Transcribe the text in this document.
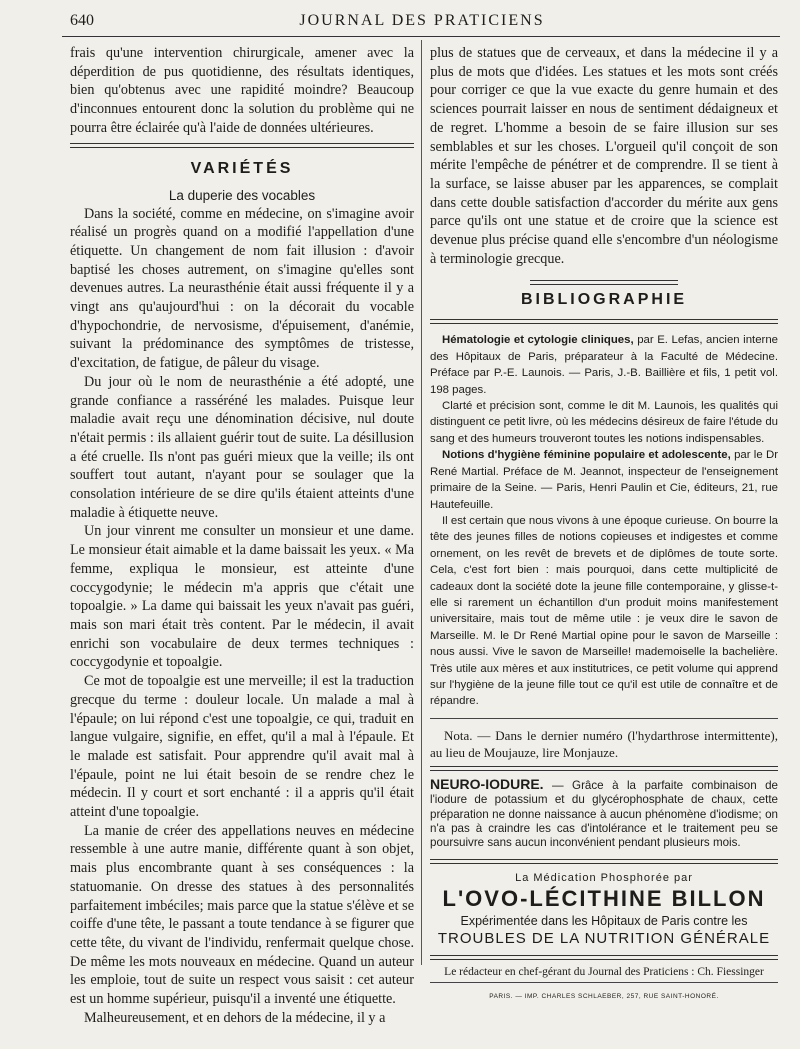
640	JOURNAL DES PRATICIENS

frais qu'une intervention chirurgicale, amener avec la déperdition de pus quotidienne, des résultats identiques, bien qu'obtenus avec une rapidité moindre? Beaucoup d'inconnues entourent donc la solution du problème qui ne pourra être éclairée qu'à l'aide de données ultérieures.

VARIÉTÉS
La duperie des vocables

Dans la société, comme en médecine, on s'imagine avoir réalisé un progrès quand on a modifié l'appellation d'une étiquette. Un changement de nom fait illusion : d'avoir baptisé les choses autrement, on s'imagine qu'elles sont devenues autres. La neurasthénie était aussi fréquente il y a vingt ans qu'aujourd'hui : on la décorait du vocable d'hypochondrie, de nervosisme, d'épuisement, d'anémie, suivant la prédominance des symptômes de tristesse, d'excitation, de fatigue, de pâleur du visage.

Du jour où le nom de neurasthénie a été adopté, une grande confiance a rasséréné les malades. Puisque leur maladie avait reçu une dénomination décisive, nul doute n'était permis : ils allaient guérir tout de suite. La désillusion a été cruelle. Ils n'ont pas guéri mieux que la veille; ils ont souffert tout autant, n'ayant pour se soulager que la consolation intérieure de se dire qu'ils étaient atteints d'une maladie à étiquette neuve.

Un jour vinrent me consulter un monsieur et une dame. Le monsieur était aimable et la dame baissait les yeux. « Ma femme, expliqua le monsieur, est atteinte d'une coccygodynie; le médecin m'a appris que c'était une topoalgie. » La dame qui baissait les yeux n'avait pas guéri, mais son mari était très content. Par le médecin, il avait enrichi son vocabulaire de deux termes techniques : coccygodynie et topoalgie.

Ce mot de topoalgie est une merveille; il est la traduction grecque du terme : douleur locale. Un malade a mal à l'épaule; on lui répond c'est une topoalgie, ce qui, traduit en langue vulgaire, signifie, en effet, qu'il a mal à l'épaule. Et le malade est satisfait. Pour apprendre qu'il avait mal à l'épaule, point ne lui était besoin de se rendre chez le médecin. Il y court et sort enchanté : il a appris qu'il était atteint d'une topoalgie.

La manie de créer des appellations neuves en médecine ressemble à une autre manie, différente quant à son objet, mais plus encombrante quant à ses conséquences : la statuomanie. On dresse des statues à des personnalités parfaitement imbéciles; mais parce que la statue s'élève et se coiffe d'une tête, le passant a toute tendance à se figurer que cette tête, du vivant de l'individu, renfermait quelque chose. De même les mots nouveaux en médecine. Quand un auteur les emploie, tout de suite un respect vous saisit : cet auteur est un homme supérieur, puisqu'il a inventé une étiquette.

Malheureusement, et en dehors de la médecine, il y a

plus de statues que de cerveaux, et dans la médecine il y a plus de mots que d'idées. Les statues et les mots sont créés pour corriger ce que la vue exacte du genre humain et des sciences pourrait laisser en nous de sentiment dédaigneux et de regret. L'homme a besoin de se faire illusion sur ses semblables et sur les choses. L'orgueil qu'il conçoit de son mérite l'empêche de pénétrer et de comprendre. Il se tient à la surface, se laisse abuser par les apparences, se complait dans cette double satisfaction d'accorder du mérite aux gens parce qu'ils ont une statue et de croire que la science est devenue plus précise quand elle s'encombre d'un néologisme à terminologie grecque.

BIBLIOGRAPHIE

Hématologie et cytologie cliniques, par E. Lefas, ancien interne des Hôpitaux de Paris, préparateur à la Faculté de Médecine. Préface par P.-E. Launois. — Paris, J.-B. Baillière et fils, 1 petit vol. 198 pages.

Clarté et précision sont, comme le dit M. Launois, les qualités qui distinguent ce petit livre, où les médecins désireux de faire l'étude du sang et des humeurs trouveront toutes les notions indispensables.

Notions d'hygiène féminine populaire et adolescente, par le Dr René Martial. Préface de M. Jeannot, inspecteur de l'enseignement primaire de la Seine. — Paris, Henri Paulin et Cie, éditeurs, 21, rue Hautefeuille.

Il est certain que nous vivons à une époque curieuse. On bourre la tête des jeunes filles de notions copieuses et indigestes et comme ornement, on les revêt de brevets et de diplômes de toute sorte. Cela, c'est fort bien : mais pourquoi, dans cette multiplicité de cadeaux dont la société dote la jeune fille contemporaine, y glisse-t-elle si rarement un échantillon d'un produit moins manifestement universitaire, mais tout de même utile : je veux dire le savon de Marseille. M. le Dr René Martial opine pour le savon de Marseille : nous aussi. Vive le savon de Marseille! mademoiselle la bachelière. Très utile aux mères et aux institutrices, ce petit volume qui apprend sur l'hygiène de la jeune fille tout ce qu'il est utile de connaître et de répandre.

Nota. — Dans le dernier numéro (l'hydarthrose intermittente), au lieu de Moujauze, lire Monjauze.

NEURO-IODURE. — Grâce à la parfaite combinaison de l'iodure de potassium et du glycérophosphate de chaux, cette préparation ne donne naissance à aucun phénomène d'iodisme; on n'a pas à craindre les cas d'intolérance et le traitement peu se poursuivre sans aucun inconvénient pendant plusieurs mois.
La Médication Phosphorée par
L'OVO-LÉCITHINE BILLON
Expérimentée dans les Hôpitaux de Paris contre les
TROUBLES DE LA NUTRITION GÉNÉRALE
Le rédacteur en chef-gérant du Journal des Praticiens : Ch. Fiessinger
PARIS. — IMP. CHARLES SCHLAEBER, 257, RUE SAINT-HONORÉ.
